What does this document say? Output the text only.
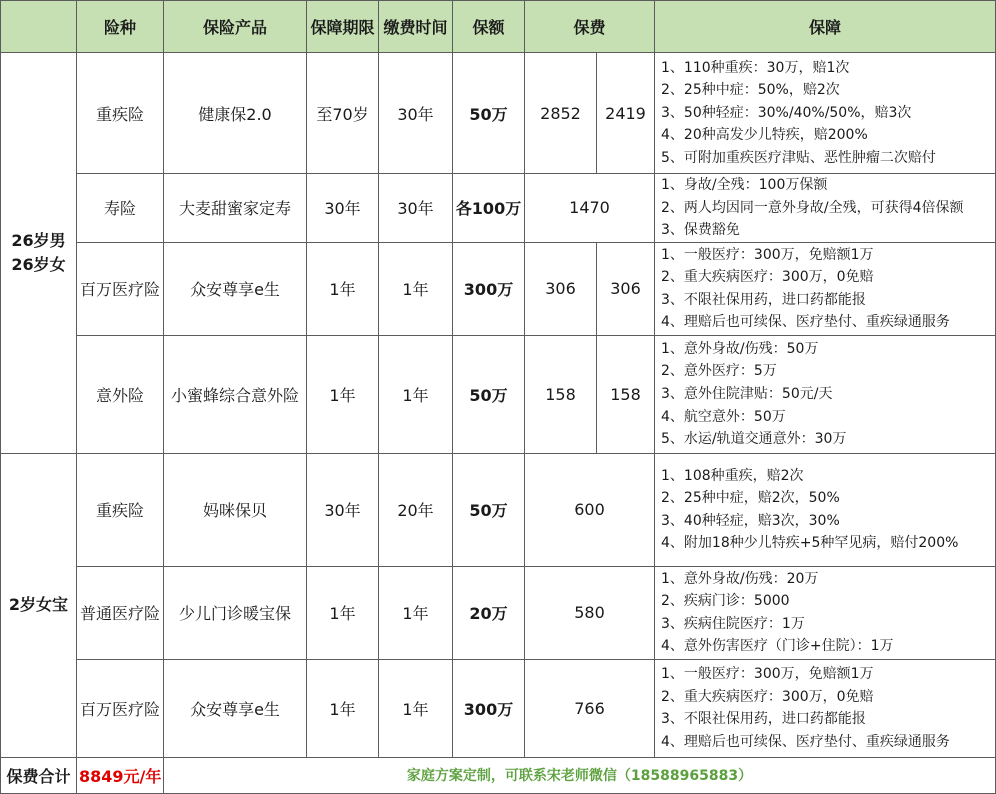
	险种	保险产品	保障期限	缴费时间	保额	保费		保障

26岁男
26岁女	重疾险	健康保2.0	至70岁	30年	50万	2852	2419	1、110种重疾：30万，赔1次
2、25种中症：50%，赔2次
3、50种轻症：30%/40%/50%，赔3次
4、20种高发少儿特疾，赔200%
5、可附加重疾医疗津贴、恶性肿瘤二次赔付

	寿险	大麦甜蜜家定寿	30年	30年	各100万	1470		1、身故/全残：100万保额
2、两人均因同一意外身故/全残，可获得4倍保额
3、保费豁免

	百万医疗险	众安尊享e生	1年	1年	300万	306	306	1、一般医疗：300万，免赔额1万
2、重大疾病医疗：300万，0免赔
3、不限社保用药，进口药都能报
4、理赔后也可续保、医疗垫付、重疾绿通服务

	意外险	小蜜蜂综合意外险	1年	1年	50万	158	158	1、意外身故/伤残：50万
2、意外医疗：5万
3、意外住院津贴：50元/天
4、航空意外：50万
5、水运/轨道交通意外：30万

2岁女宝	重疾险	妈咪保贝	30年	20年	50万	600		1、108种重疾，赔2次
2、25种中症，赔2次，50%
3、40种轻症，赔3次，30%
4、附加18种少儿特疾+5种罕见病，赔付200%

	普通医疗险	少儿门诊暖宝保	1年	1年	20万	580		1、意外身故/伤残：20万
2、疾病门诊：5000
3、疾病住院医疗：1万
4、意外伤害医疗（门诊+住院）：1万

	百万医疗险	众安尊享e生	1年	1年	300万	766		1、一般医疗：300万，免赔额1万
2、重大疾病医疗：300万，0免赔
3、不限社保用药，进口药都能报
4、理赔后也可续保、医疗垫付、重疾绿通服务

保费合计	8849元/年	家庭方案定制，可联系宋老师微信（18588965883）						
